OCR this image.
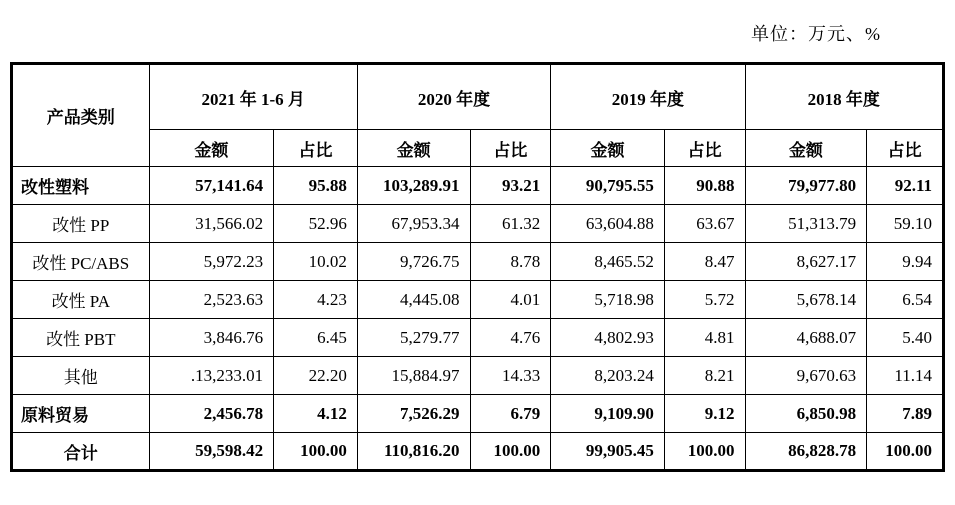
单位：万元、%
产品类别	2021 年 1-6 月		2020 年度		2019 年度		2018 年度	
	金额	占比	金额	占比	金额	占比	金额	占比
改性塑料	57,141.64	95.88	103,289.91	93.21	90,795.55	90.88	79,977.80	92.11
改性 PP	31,566.02	52.96	67,953.34	61.32	63,604.88	63.67	51,313.79	59.10
改性 PC/ABS	5,972.23	10.02	9,726.75	8.78	8,465.52	8.47	8,627.17	9.94
改性 PA	2,523.63	4.23	4,445.08	4.01	5,718.98	5.72	5,678.14	6.54
改性 PBT	3,846.76	6.45	5,279.77	4.76	4,802.93	4.81	4,688.07	5.40
其他	.13,233.01	22.20	15,884.97	14.33	8,203.24	8.21	9,670.63	11.14
原料贸易	2,456.78	4.12	7,526.29	6.79	9,109.90	9.12	6,850.98	7.89
合计	59,598.42	100.00	110,816.20	100.00	99,905.45	100.00	86,828.78	100.00
